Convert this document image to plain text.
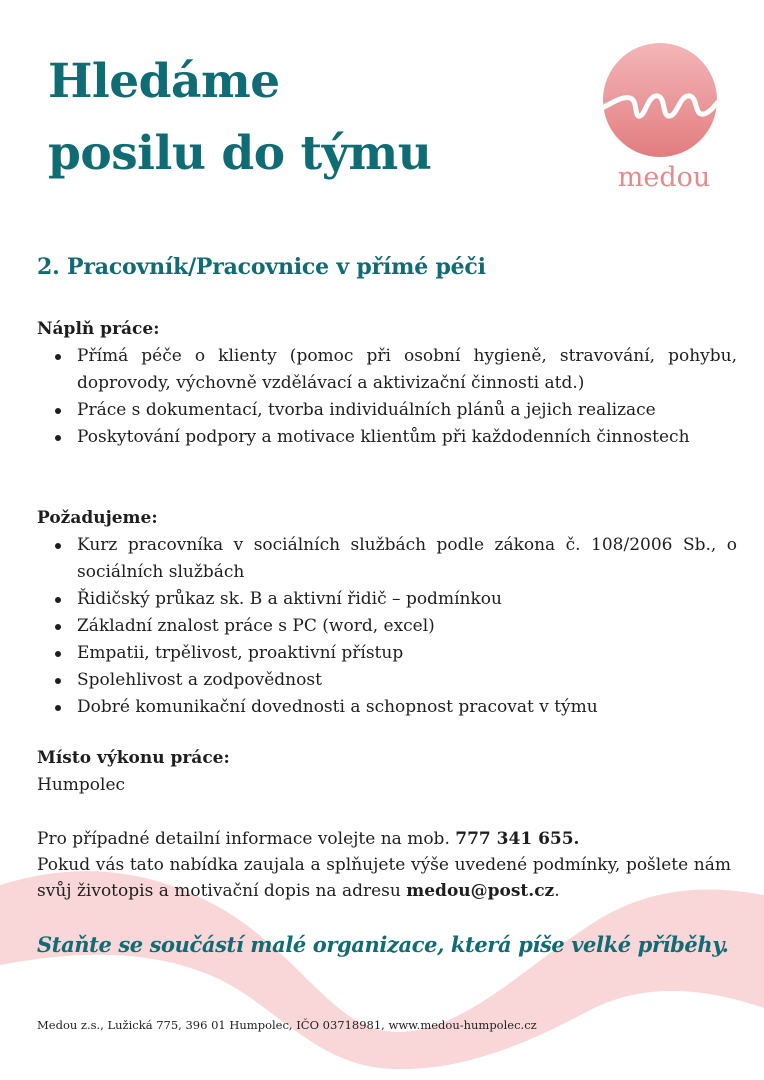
Hledáme
posilu do týmu	medou
2. Pracovník/Pracovnice v přímé péči
Náplň práce:
Přímá péče o klienty (pomoc při osobní hygieně, stravování, pohybu, doprovody, výchovně vzdělávací a aktivizační činnosti atd.)
Práce s dokumentací, tvorba individuálních plánů a jejich realizace
Poskytování podpory a motivace klientům při každodenních činnostech
Požadujeme:
Kurz pracovníka v sociálních službách podle zákona č. 108/2006 Sb., o sociálních službách
Řidičský průkaz sk. B a aktivní řidič – podmínkou
Základní znalost práce s PC (word, excel)
Empatii, trpělivost, proaktivní přístup
Spolehlivost a zodpovědnost
Dobré komunikační dovednosti a schopnost pracovat v týmu
Místo výkonu práce:

Humpolec

Pro případné detailní informace volejte na mob. 777 341 655.

Pokud vás tato nabídka zaujala a splňujete výše uvedené podmínky, pošlete nám svůj životopis a motivační dopis na adresu medou@post.cz.

Staňte se součástí malé organizace, která píše velké příběhy.

Medou z.s., Lužická 775, 396 01 Humpolec, IČO 03718981, www.medou-humpolec.cz
